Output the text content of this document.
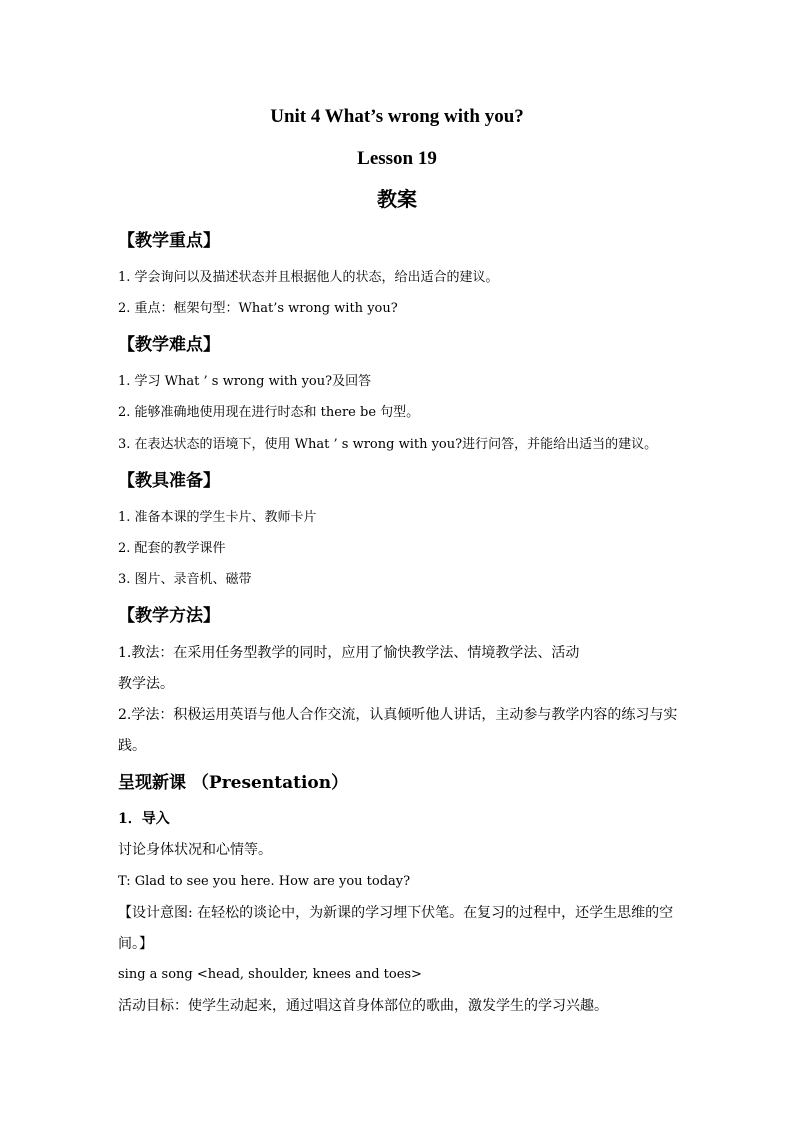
Unit 4 What’s wrong with you?
Lesson 19
教案
【教学重点】
1. 学会询问以及描述状态并且根据他人的状态，给出适合的建议。
2. 重点：框架句型：What’s wrong with you?
【教学难点】
1. 学习 What ’ s wrong with you?及回答
2. 能够准确地使用现在进行时态和 there be 句型。
3. 在表达状态的语境下，使用 What ’ s wrong with you?进行问答，并能给出适当的建议。
【教具准备】
1. 准备本课的学生卡片、教师卡片
2. 配套的教学课件
3. 图片、录音机、磁带
【教学方法】
1.教法：在采用任务型教学的同时，应用了愉快教学法、情境教学法、活动
教学法。
2.学法：积极运用英语与他人合作交流，认真倾听他人讲话，主动参与教学内容的练习与实
践。
呈现新课 （Presentation）
1．导入
讨论身体状况和心情等。
T: Glad to see you here. How are you today?
【设计意图: 在轻松的谈论中，为新课的学习埋下伏笔。在复习的过程中，还学生思维的空
间。】
sing a song <head, shoulder, knees and toes>
活动目标：使学生动起来，通过唱这首身体部位的歌曲，激发学生的学习兴趣。
